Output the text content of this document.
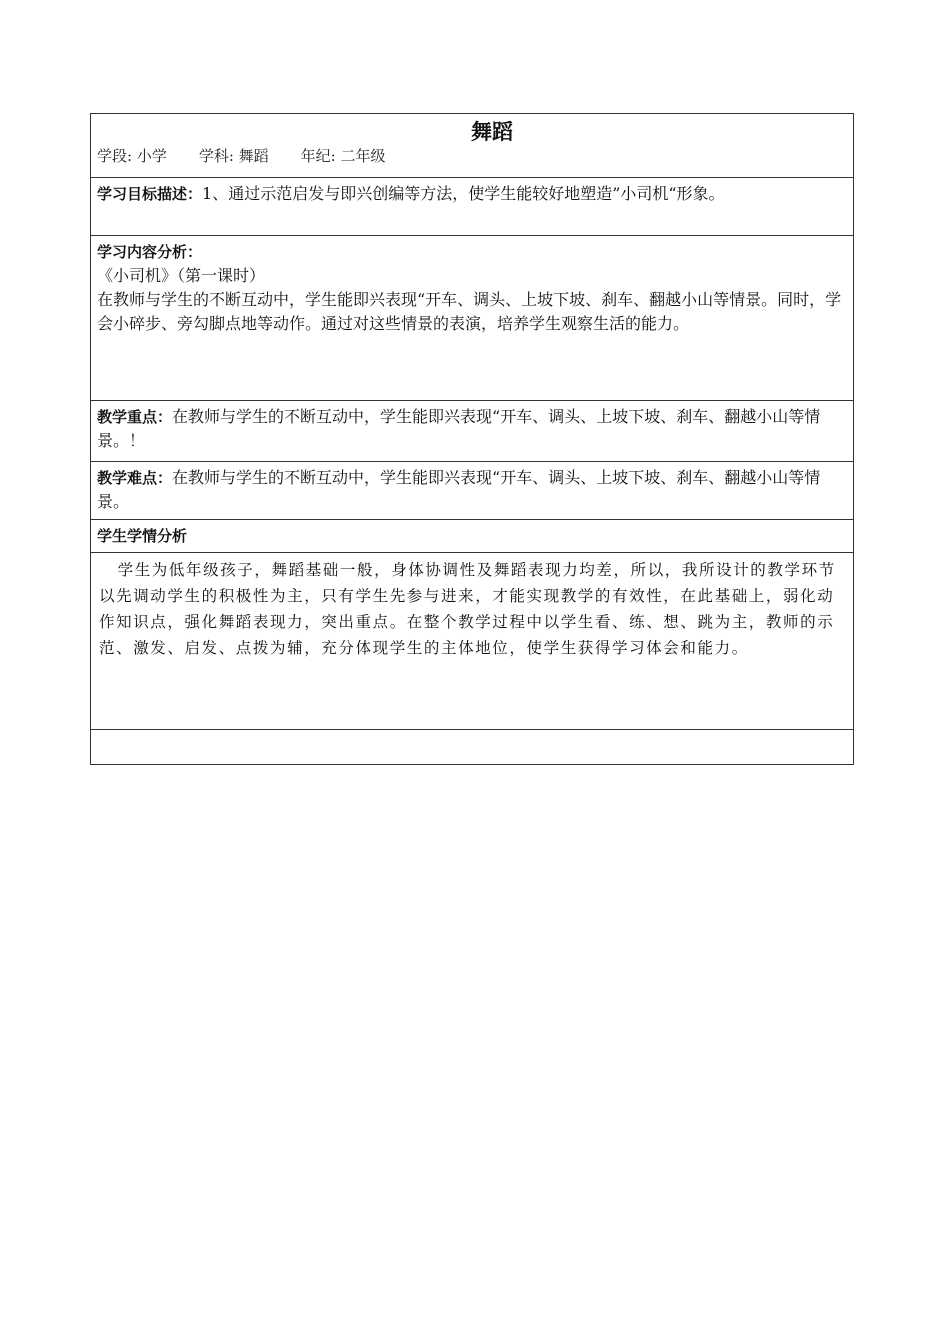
舞蹈
学段: 小学 学科: 舞蹈 年纪: 二年级
学习目标描述：1、通过示范启发与即兴创编等方法，使学生能较好地塑造”小司机“形象。
学习内容分析：
《小司机》（第一课时）
在教师与学生的不断互动中，学生能即兴表现“开车、调头、上坡下坡、刹车、翻越小山等情景。同时，学会小碎步、旁勾脚点地等动作。通过对这些情景的表演，培养学生观察生活的能力。
教学重点：在教师与学生的不断互动中，学生能即兴表现“开车、调头、上坡下坡、刹车、翻越小山等情景。！
教学难点：在教师与学生的不断互动中，学生能即兴表现“开车、调头、上坡下坡、刹车、翻越小山等情景。
学生学情分析
学生为低年级孩子，舞蹈基础一般，身体协调性及舞蹈表现力均差，所以，我所设计的教学环节以先调动学生的积极性为主，只有学生先参与进来，才能实现教学的有效性，在此基础上，弱化动作知识点，强化舞蹈表现力，突出重点。在整个教学过程中以学生看、练、想、跳为主，教师的示范、激发、启发、点拨为辅，充分体现学生的主体地位，使学生获得学习体会和能力。
